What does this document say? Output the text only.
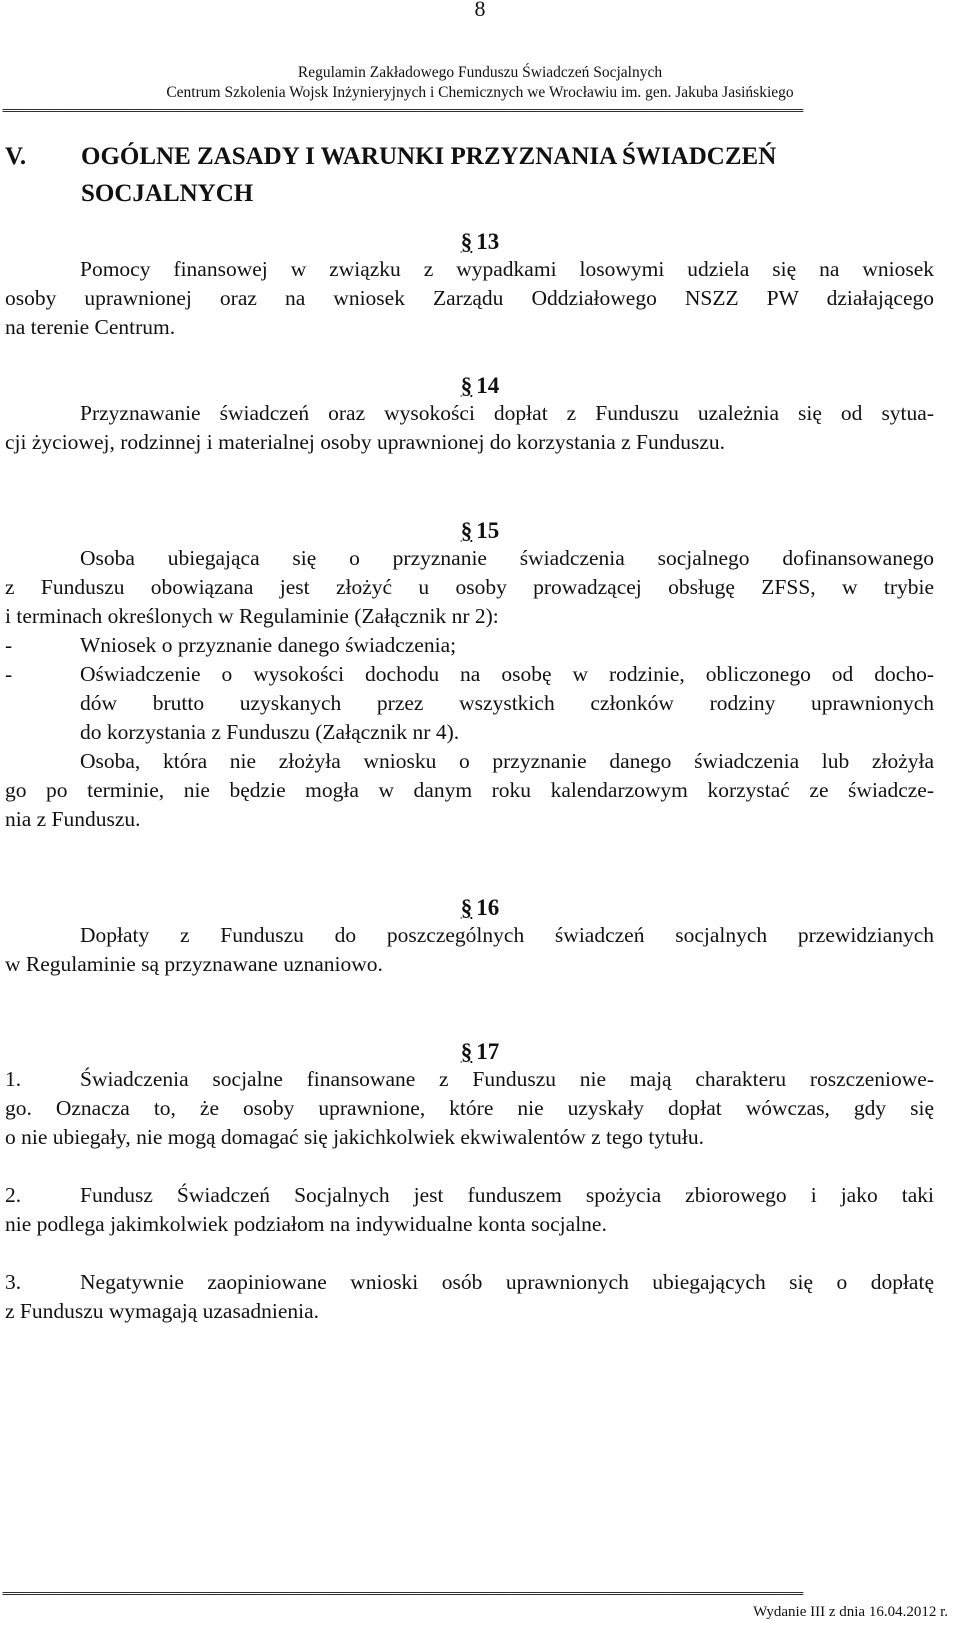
8
Regulamin Zakładowego Funduszu Świadczeń Socjalnych
Centrum Szkolenia Wojsk Inżynieryjnych i Chemicznych we Wrocławiu im. gen. Jakuba Jasińskiego
=================================================================================================================================================
V. OGÓLNE ZASADY I WARUNKI PRZYZNANIA ŚWIADCZEŃ
SOCJALNYCH
§ 13

Pomocy finansowej w związku z wypadkami losowymi udziela się na wniosek

osoby uprawnionej oraz na wniosek Zarządu Oddziałowego NSZZ PW działającego

na terenie Centrum.

§ 14

Przyznawanie świadczeń oraz wysokości dopłat z Funduszu uzależnia się od sytua-

cji życiowej, rodzinnej i materialnej osoby uprawnionej do korzystania z Funduszu.

§ 15

Osoba ubiegająca się o przyznanie świadczenia socjalnego dofinansowanego

z Funduszu obowiązana jest złożyć u osoby prowadzącej obsługę ZFSS, w trybie

i terminach określonych w Regulaminie (Załącznik nr 2):

-	Wniosek o przyznanie danego świadczenia;

-	Oświadczenie o wysokości dochodu na osobę w rodzinie, obliczonego od docho-

dów brutto uzyskanych przez wszystkich członków rodziny uprawnionych

do korzystania z Funduszu (Załącznik nr 4).

Osoba, która nie złożyła wniosku o przyznanie danego świadczenia lub złożyła

go po terminie, nie będzie mogła w danym roku kalendarzowym korzystać ze świadcze-

nia z Funduszu.

§ 16

Dopłaty z Funduszu do poszczególnych świadczeń socjalnych przewidzianych

w Regulaminie są przyznawane uznaniowo.

§ 17

1.	Świadczenia socjalne finansowane z Funduszu nie mają charakteru roszczeniowe-

go. Oznacza to, że osoby uprawnione, które nie uzyskały dopłat wówczas, gdy się

o nie ubiegały, nie mogą domagać się jakichkolwiek ekwiwalentów z tego tytułu.

2.	Fundusz Świadczeń Socjalnych jest funduszem spożycia zbiorowego i jako taki

nie podlega jakimkolwiek podziałom na indywidualne konta socjalne.

3.	Negatywnie zaopiniowane wnioski osób uprawnionych ubiegających się o dopłatę

z Funduszu wymagają uzasadnienia.

=================================================================================================================================================
Wydanie III z dnia 16.04.2012 r.
